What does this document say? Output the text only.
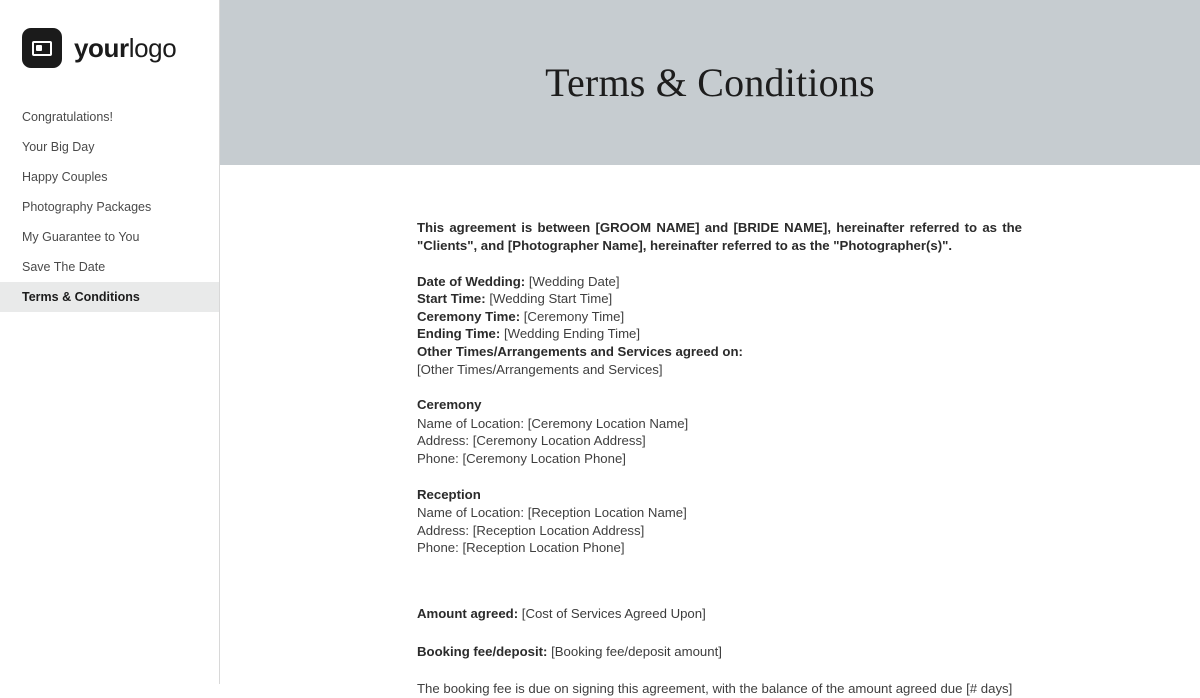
yourlogo
Congratulations!
Your Big Day
Happy Couples
Photography Packages
My Guarantee to You
Save The Date
Terms & Conditions
Terms & Conditions

This agreement is between [GROOM NAME] and [BRIDE NAME], hereinafter referred to as the "Clients", and [Photographer Name], hereinafter referred to as the "Photographer(s)".

Date of Wedding: [Wedding Date]

Start Time: [Wedding Start Time]

Ceremony Time: [Ceremony Time]

Ending Time: [Wedding Ending Time]

Other Times/Arrangements and Services agreed on:

[Other Times/Arrangements and Services]

Ceremony

Name of Location: [Ceremony Location Name]

Address: [Ceremony Location Address]

Phone: [Ceremony Location Phone]

Reception

Name of Location: [Reception Location Name]

Address: [Reception Location Address]

Phone: [Reception Location Phone]

Amount agreed: [Cost of Services Agreed Upon]

Booking fee/deposit: [Booking fee/deposit amount]

The booking fee is due on signing this agreement, with the balance of the amount agreed due [# days]
